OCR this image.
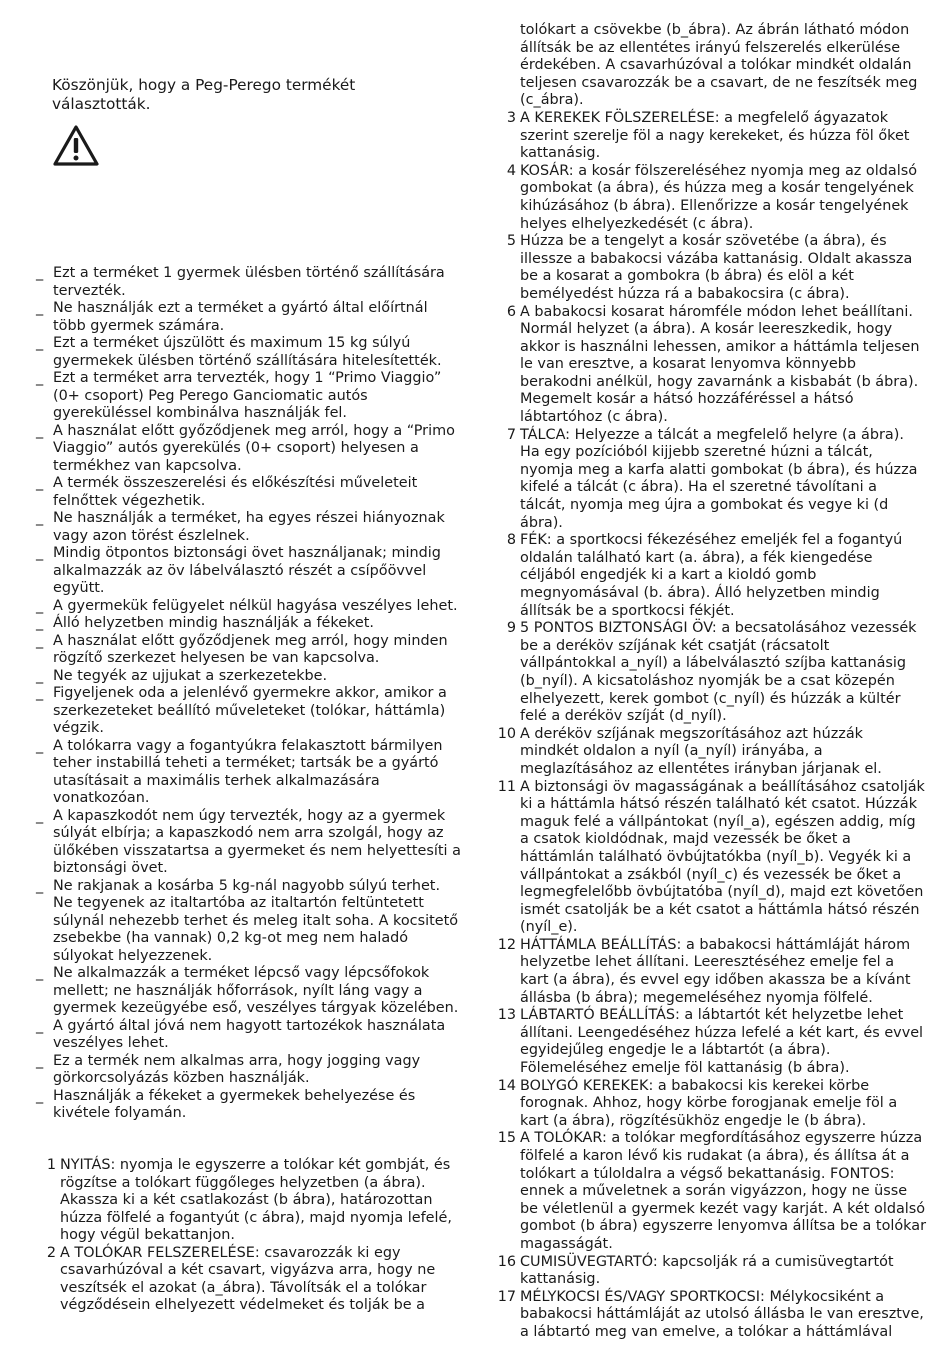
Köszönjük, hogy a Peg-Perego termékét választották.
_ Ezt a terméket 1 gyermek ülésben történő szállítására tervezték.
_ Ne használják ezt a terméket a gyártó által előírtnál több gyermek számára.
_ Ezt a terméket újszülött és maximum 15 kg súlyú gyermekek ülésben történő szállítására hitelesítették.
_ Ezt a terméket arra tervezték, hogy 1 “Primo Viaggio” (0+ csoport) Peg Perego Ganciomatic autós gyereküléssel kombinálva használják fel.
_ A használat előtt győződjenek meg arról, hogy a “Primo Viaggio” autós gyerekülés (0+ csoport) helyesen a termékhez van kapcsolva.
_ A termék összeszerelési és előkészítési műveleteit felnőttek végezhetik.
_ Ne használják a terméket, ha egyes részei hiányoznak vagy azon törést észlelnek.
_ Mindig ötpontos biztonsági övet használjanak; mindig alkalmazzák az öv lábelválasztó részét a csípőövvel együtt.
_ A gyermekük felügyelet nélkül hagyása veszélyes lehet.
_ Álló helyzetben mindig használják a fékeket.
_ A használat előtt győződjenek meg arról, hogy minden rögzítő szerkezet helyesen be van kapcsolva.
_ Ne tegyék az ujjukat a szerkezetekbe.
_ Figyeljenek oda a jelenlévő gyermekre akkor, amikor a szerkezeteket beállító műveleteket (tolókar, háttámla) végzik.
_ A tolókarra vagy a fogantyúkra felakasztott bármilyen teher instabillá teheti a terméket; tartsák be a gyártó utasításait a maximális terhek alkalmazására vonatkozóan.
_ A kapaszkodót nem úgy tervezték, hogy az a gyermek súlyát elbírja; a kapaszkodó nem arra szolgál, hogy az ülőkében visszatartsa a gyermeket és nem helyettesíti a biztonsági övet.
_ Ne rakjanak a kosárba 5 kg-nál nagyobb súlyú terhet. Ne tegyenek az italtartóba az italtartón feltüntetett súlynál nehezebb terhet és meleg italt soha. A kocsitető zsebekbe (ha vannak) 0,2 kg-ot meg nem haladó súlyokat helyezzenek.
_ Ne alkalmazzák a terméket lépcső vagy lépcsőfokok mellett; ne használják hőforrások, nyílt láng vagy a gyermek kezeügyébe eső, veszélyes tárgyak közelében.
_ A gyártó által jóvá nem hagyott tartozékok használata veszélyes lehet.
_ Ez a termék nem alkalmas arra, hogy jogging vagy görkorcsolyázás közben használják.
_ Használják a fékeket a gyermekek behelyezése és kivétele folyamán.
1 NYITÁS: nyomja le egyszerre a tolókar két gombját, és rögzítse a tolókart függőleges helyzetben (a ábra). Akassza ki a két csatlakozást (b ábra), határozottan húzza fölfelé a fogantyút (c ábra), majd nyomja lefelé, hogy végül bekattanjon.
2 A TOLÓKAR FELSZERELÉSE: csavarozzák ki egy csavarhúzóval a két csavart, vigyázva arra, hogy ne veszítsék el azokat (a_ábra). Távolítsák el a tolókar végződésein elhelyezett védelmeket és tolják be a
tolókart a csövekbe (b_ábra). Az ábrán látható módon állítsák be az ellentétes irányú felszerelés elkerülése érdekében. A csavarhúzóval a tolókar mindkét oldalán teljesen csavarozzák be a csavart, de ne feszítsék meg (c_ábra).
3 A KEREKEK FÖLSZERELÉSE: a megfelelő ágyazatok szerint szerelje föl a nagy kerekeket, és húzza föl őket kattanásig.
4 KOSÁR: a kosár fölszereléséhez nyomja meg az oldalsó gombokat (a ábra), és húzza meg a kosár tengelyének kihúzásához (b ábra). Ellenőrizze a kosár tengelyének helyes elhelyezkedését (c ábra).
5 Húzza be a tengelyt a kosár szövetébe (a ábra), és illessze a babakocsi vázába kattanásig. Oldalt akassza be a kosarat a gombokra (b ábra) és elöl a két bemélyedést húzza rá a babakocsira (c ábra).
6 A babakocsi kosarat háromféle módon lehet beállítani. Normál helyzet (a ábra). A kosár leereszkedik, hogy akkor is használni lehessen, amikor a háttámla teljesen le van eresztve, a kosarat lenyomva könnyebb berakodni anélkül, hogy zavarnánk a kisbabát (b ábra). Megemelt kosár a hátsó hozzáféréssel a hátsó lábtartóhoz (c ábra).
7 TÁLCA: Helyezze a tálcát a megfelelő helyre (a ábra). Ha egy pozícióból kijjebb szeretné húzni a tálcát, nyomja meg a karfa alatti gombokat (b ábra), és húzza kifelé a tálcát (c ábra). Ha el szeretné távolítani a tálcát, nyomja meg újra a gombokat és vegye ki (d ábra).
8 FÉK: a sportkocsi fékezéséhez emeljék fel a fogantyú oldalán található kart (a. ábra), a fék kiengedése céljából engedjék ki a kart a kioldó gomb megnyomásával (b. ábra). Álló helyzetben mindig állítsák be a sportkocsi fékjét.
9 5 PONTOS BIZTONSÁGI ÖV: a becsatolásához vezessék be a deréköv szíjának két csatját (rácsatolt vállpántokkal a_nyíl) a lábelválasztó szíjba kattanásig (b_nyíl). A kicsatoláshoz nyomják be a csat közepén elhelyezett, kerek gombot (c_nyíl) és húzzák a kültér felé a deréköv szíját (d_nyíl).
10 A deréköv szíjának megszorításához azt húzzák mindkét oldalon a nyíl (a_nyíl) irányába, a meglazításához az ellentétes irányban járjanak el.
11 A biztonsági öv magasságának a beállításához csatolják ki a háttámla hátsó részén található két csatot. Húzzák maguk felé a vállpántokat (nyíl_a), egészen addig, míg a csatok kioldódnak, majd vezessék be őket a háttámlán található övbújtatókba (nyíl_b). Vegyék ki a vállpántokat a zsákból (nyíl_c) és vezessék be őket a legmegfelelőbb övbújtatóba (nyíl_d), majd ezt követően ismét csatolják be a két csatot a háttámla hátsó részén (nyíl_e).
12 HÁTTÁMLA BEÁLLÍTÁS: a babakocsi háttámláját három helyzetbe lehet állítani. Leeresztéséhez emelje fel a kart (a ábra), és evvel egy időben akassza be a kívánt állásba (b ábra); megemeléséhez nyomja fölfelé.
13 LÁBTARTÓ BEÁLLÍTÁS: a lábtartót két helyzetbe lehet állítani. Leengedéséhez húzza lefelé a két kart, és evvel egyidejűleg engedje le a lábtartót (a ábra). Fölemeléséhez emelje föl kattanásig (b ábra).
14 BOLYGÓ KEREKEK: a babakocsi kis kerekei körbe forognak. Ahhoz, hogy körbe forogjanak emelje föl a kart (a ábra), rögzítésükhöz engedje le (b ábra).
15 A TOLÓKAR: a tolókar megfordításához egyszerre húzza fölfelé a karon lévő kis rudakat (a ábra), és állítsa át a tolókart a túloldalra a végső bekattanásig. FONTOS: ennek a műveletnek a során vigyázzon, hogy ne üsse be véletlenül a gyermek kezét vagy karját. A két oldalsó gombot (b ábra) egyszerre lenyomva állítsa be a tolókar magasságát.
16 CUMISÜVEGTARTÓ: kapcsolják rá a cumisüvegtartót kattanásig.
17 MÉLYKOCSI ÉS/VAGY SPORTKOCSI: Mélykocsiként a babakocsi háttámláját az utolsó állásba le van eresztve, a lábtartó meg van emelve, a tolókar a háttámlával
